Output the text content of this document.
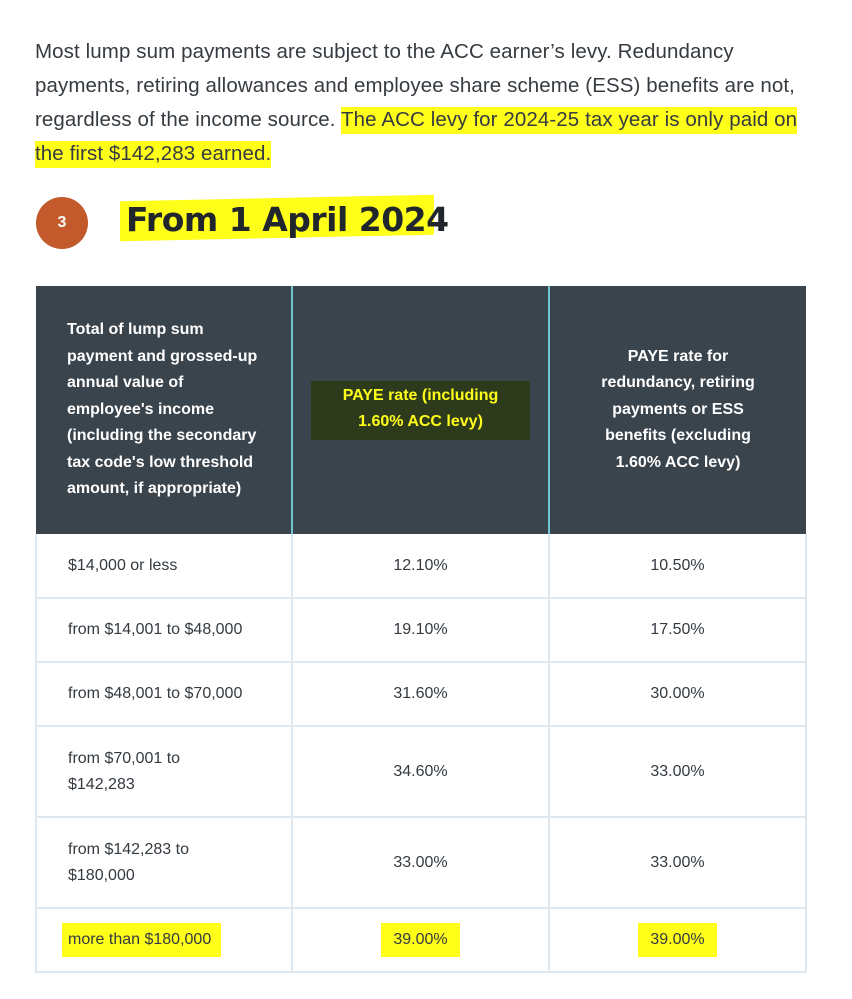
Most lump sum payments are subject to the ACC earner’s levy. Redundancy payments, retiring allowances and employee share scheme (ESS) benefits are not, regardless of the income source. The ACC levy for 2024-25 tax year is only paid on the first $142,283 earned.

3	From 1 April 2024
Total of lump sum payment and grossed-up annual value of employee's income (including the secondary tax code's low threshold amount, if appropriate)	PAYE rate (including 1.60% ACC levy)	PAYE rate for redundancy, retiring payments or ESS benefits (excluding 1.60% ACC levy)
$14,000 or less	12.10%	10.50%
from $14,001 to $48,000	19.10%	17.50%
from $48,001 to $70,000	31.60%	30.00%
from $70,001 to $142,283	34.60%	33.00%
from $142,283 to $180,000	33.00%	33.00%
more than $180,000	39.00%	39.00%
